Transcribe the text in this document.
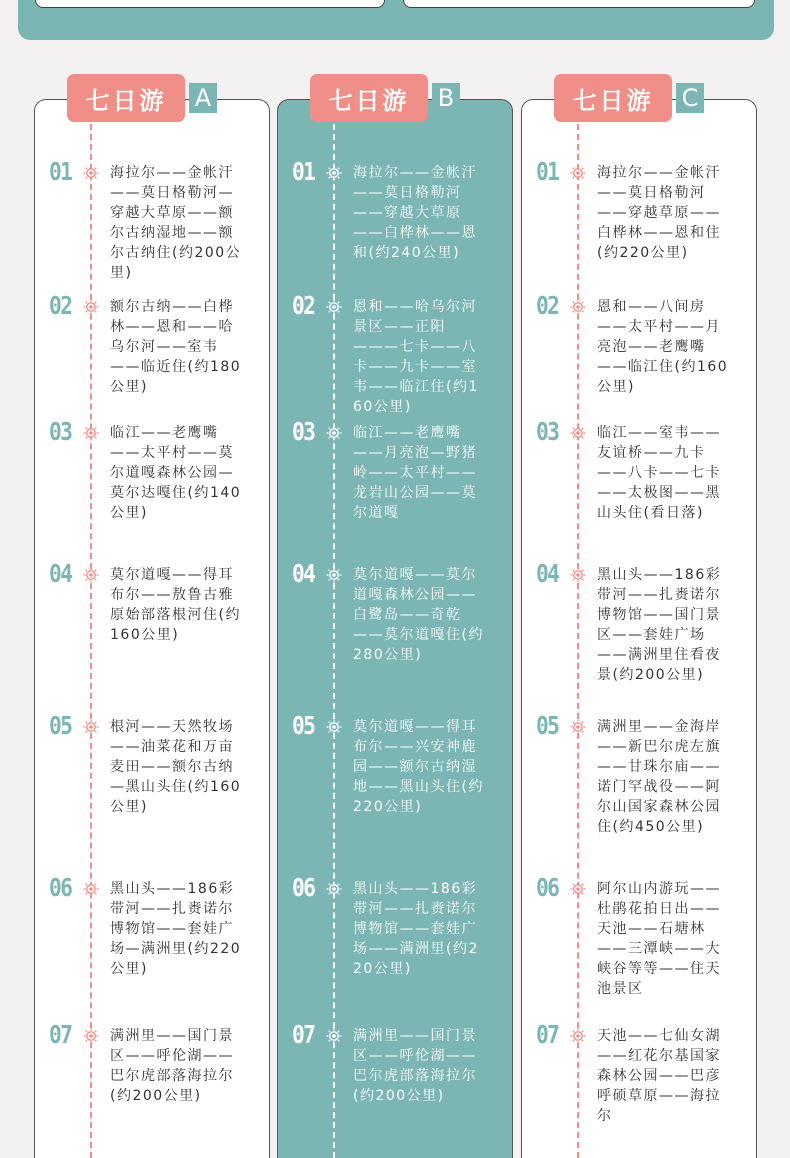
01	海拉尔——金帐汗——莫日格勒河—穿越大草原——额尔古纳湿地——额尔古纳住(约200公里)
02	额尔古纳——白桦林——恩和——哈乌尔河——室韦——临近住(约180公里)
03	临江——老鹰嘴——太平村——莫尔道嘎森林公园—莫尔达嘎住(约140公里)
04	莫尔道嘎——得耳布尔——敖鲁古雅原始部落根河住(约160公里)
05	根河——天然牧场——油菜花和万亩麦田——额尔古纳—黑山头住(约160公里)
06	黑山头——186彩带河——扎赉诺尔博物馆——套娃广场—满洲里(约220公里)
07	满洲里——国门景区——呼伦湖——巴尔虎部落海拉尔(约200公里)
七日游	A
01	海拉尔——金帐汗——莫日格勒河——穿越大草原——白桦林——恩和(约240公里)
02	恩和——哈乌尔河景区——正阳———七卡——八卡——九卡——室韦——临江住(约160公里)
03	临江——老鹰嘴——月亮泡—野猪岭——太平村——龙岩山公园——莫尔道嘎
04	莫尔道嘎——莫尔道嘎森林公园——白鹭岛——奇乾——莫尔道嘎住(约280公里)
05	莫尔道嘎——得耳布尔——兴安神鹿园——额尔古纳湿地——黑山头住(约220公里)
06	黑山头——186彩带河——扎赉诺尔博物馆——套娃广场——满洲里(约220公里)
07	满洲里——国门景区——呼伦湖——巴尔虎部落海拉尔(约200公里)
七日游	B
01	海拉尔——金帐汗——莫日格勒河——穿越草原——白桦林——恩和住(约220公里)
02	恩和——八间房——太平村——月亮泡——老鹰嘴——临江住(约160公里)
03	临江——室韦——友谊桥——九卡——八卡——七卡——太极图——黑山头住(看日落)
04	黑山头——186彩带河——扎赉诺尔博物馆——国门景区——套娃广场——满洲里住看夜景(约200公里)
05	满洲里——金海岸——新巴尔虎左旗——甘珠尔庙——诺门罕战役——阿尔山国家森林公园住(约450公里)
06	阿尔山内游玩——杜鹃花拍日出——天池——石塘林——三潭峡——大峡谷等等——住天池景区
07	天池——七仙女湖——红花尔基国家森林公园——巴彦呼硕草原——海拉尔
七日游	C
